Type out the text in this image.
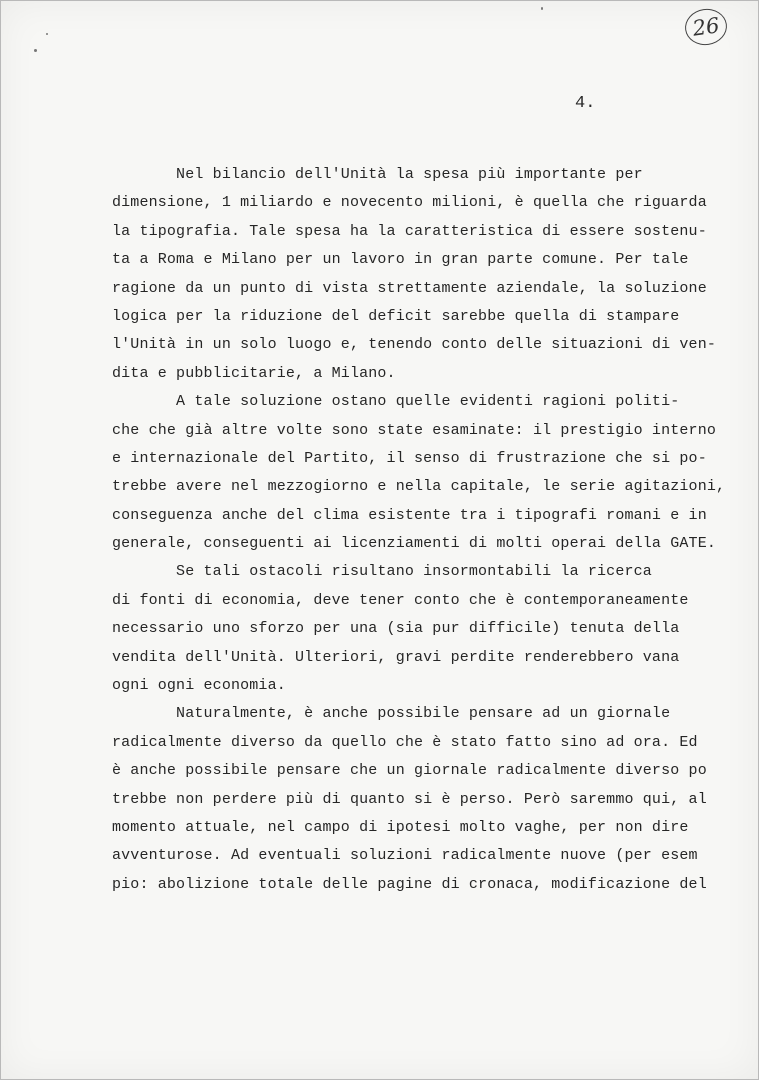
26
4.
Nel bilancio dell'Unità la spesa più importante per
dimensione, 1 miliardo e novecento milioni, è quella che riguarda
la tipografia. Tale spesa ha la caratteristica di essere sostenu-
ta a Roma e Milano per un lavoro in gran parte comune. Per tale
ragione da un punto di vista strettamente aziendale, la soluzione
logica per la riduzione del deficit sarebbe quella di stampare
l'Unità in un solo luogo e, tenendo conto delle situazioni di ven-
dita e pubblicitarie, a Milano.
A tale soluzione ostano quelle evidenti ragioni politi-
che che già altre volte sono state esaminate: il prestigio interno
e internazionale del Partito, il senso di frustrazione che si po-
trebbe avere nel mezzogiorno e nella capitale, le serie agitazioni,
conseguenza anche del clima esistente tra i tipografi romani e in
generale, conseguenti ai licenziamenti di molti operai della GATE.
Se tali ostacoli risultano insormontabili la ricerca
di fonti di economia, deve tener conto che è contemporaneamente
necessario uno sforzo per una (sia pur difficile) tenuta della
vendita dell'Unità. Ulteriori, gravi perdite renderebbero vana
ogni ogni economia.
Naturalmente, è anche possibile pensare ad un giornale
radicalmente diverso da quello che è stato fatto sino ad ora. Ed
è anche possibile pensare che un giornale radicalmente diverso po
trebbe non perdere più di quanto si è perso. Però saremmo qui, al
momento attuale, nel campo di ipotesi molto vaghe, per non dire
avventurose. Ad eventuali soluzioni radicalmente nuove (per esem
pio: abolizione totale delle pagine di cronaca, modificazione del
